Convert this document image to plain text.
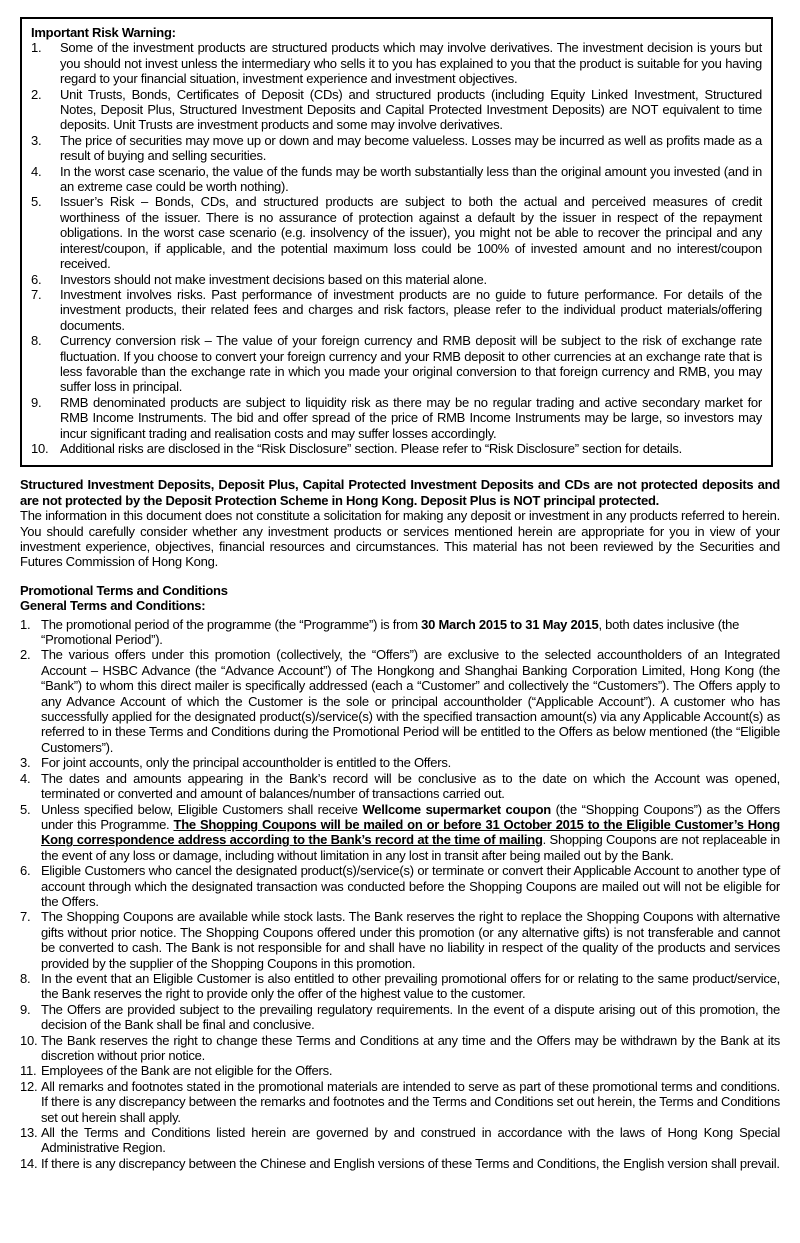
Important Risk Warning:
1.	Some of the investment products are structured products which may involve derivatives. The investment decision is yours but you should not invest unless the intermediary who sells it to you has explained to you that the product is suitable for you having regard to your financial situation, investment experience and investment objectives.
2.	Unit Trusts, Bonds, Certificates of Deposit (CDs) and structured products (including Equity Linked Investment, Structured Notes, Deposit Plus, Structured Investment Deposits and Capital Protected Investment Deposits) are NOT equivalent to time deposits. Unit Trusts are investment products and some may involve derivatives.
3.	The price of securities may move up or down and may become valueless. Losses may be incurred as well as profits made as a result of buying and selling securities.
4.	In the worst case scenario, the value of the funds may be worth substantially less than the original amount you invested (and in an extreme case could be worth nothing).
5.	Issuer’s Risk – Bonds, CDs, and structured products are subject to both the actual and perceived measures of credit worthiness of the issuer. There is no assurance of protection against a default by the issuer in respect of the repayment obligations. In the worst case scenario (e.g. insolvency of the issuer), you might not be able to recover the principal and any interest/coupon, if applicable, and the potential maximum loss could be 100% of invested amount and no interest/coupon received.
6.	Investors should not make investment decisions based on this material alone.
7.	Investment involves risks. Past performance of investment products are no guide to future performance. For details of the investment products, their related fees and charges and risk factors, please refer to the individual product materials/offering documents.
8.	Currency conversion risk – The value of your foreign currency and RMB deposit will be subject to the risk of exchange rate fluctuation. If you choose to convert your foreign currency and your RMB deposit to other currencies at an exchange rate that is less favorable than the exchange rate in which you made your original conversion to that foreign currency and RMB, you may suffer loss in principal.
9.	RMB denominated products are subject to liquidity risk as there may be no regular trading and active secondary market for RMB Income Instruments. The bid and offer spread of the price of RMB Income Instruments may be large, so investors may incur significant trading and realisation costs and may suffer losses accordingly.
10. Additional risks are disclosed in the “Risk Disclosure” section. Please refer to “Risk Disclosure” section for details.

Structured Investment Deposits, Deposit Plus, Capital Protected Investment Deposits and CDs are not protected deposits and are not protected by the Deposit Protection Scheme in Hong Kong. Deposit Plus is NOT principal protected.

The information in this document does not constitute a solicitation for making any deposit or investment in any products referred to herein. You should carefully consider whether any investment products or services mentioned herein are appropriate for you in view of your investment experience, objectives, financial resources and circumstances. This material has not been reviewed by the Securities and Futures Commission of Hong Kong.

Promotional Terms and Conditions
General Terms and Conditions:
1. The promotional period of the programme (the “Programme”) is from 30 March 2015 to 31 May 2015, both dates inclusive (the “Promotional Period”).
2. The various offers under this promotion (collectively, the “Offers”) are exclusive to the selected accountholders of an Integrated Account – HSBC Advance (the “Advance Account”) of The Hongkong and Shanghai Banking Corporation Limited, Hong Kong (the “Bank”) to whom this direct mailer is specifically addressed (each a “Customer” and collectively the “Customers”). The Offers apply to any Advance Account of which the Customer is the sole or principal accountholder (“Applicable Account”). A customer who has successfully applied for the designated product(s)/service(s) with the specified transaction amount(s) via any Applicable Account(s) as referred to in these Terms and Conditions during the Promotional Period will be entitled to the Offers as below mentioned (the “Eligible Customers”).
3. For joint accounts, only the principal accountholder is entitled to the Offers.
4. The dates and amounts appearing in the Bank’s record will be conclusive as to the date on which the Account was opened, terminated or converted and amount of balances/number of transactions carried out.
5. Unless specified below, Eligible Customers shall receive Wellcome supermarket coupon (the “Shopping Coupons”) as the Offers under this Programme. The Shopping Coupons will be mailed on or before 31 October 2015 to the Eligible Customer’s Hong Kong correspondence address according to the Bank’s record at the time of mailing. Shopping Coupons are not replaceable in the event of any loss or damage, including without limitation in any lost in transit after being mailed out by the Bank.
6. Eligible Customers who cancel the designated product(s)/service(s) or terminate or convert their Applicable Account to another type of account through which the designated transaction was conducted before the Shopping Coupons are mailed out will not be eligible for the Offers.
7. The Shopping Coupons are available while stock lasts. The Bank reserves the right to replace the Shopping Coupons with alternative gifts without prior notice. The Shopping Coupons offered under this promotion (or any alternative gifts) is not transferable and cannot be converted to cash. The Bank is not responsible for and shall have no liability in respect of the quality of the products and services provided by the supplier of the Shopping Coupons in this promotion.
8. In the event that an Eligible Customer is also entitled to other prevailing promotional offers for or relating to the same product/service, the Bank reserves the right to provide only the offer of the highest value to the customer.
9. The Offers are provided subject to the prevailing regulatory requirements. In the event of a dispute arising out of this promotion, the decision of the Bank shall be final and conclusive.
10. The Bank reserves the right to change these Terms and Conditions at any time and the Offers may be withdrawn by the Bank at its discretion without prior notice.
11. Employees of the Bank are not eligible for the Offers.
12. All remarks and footnotes stated in the promotional materials are intended to serve as part of these promotional terms and conditions. If there is any discrepancy between the remarks and footnotes and the Terms and Conditions set out herein, the Terms and Conditions set out herein shall apply.
13. All the Terms and Conditions listed herein are governed by and construed in accordance with the laws of Hong Kong Special Administrative Region.
14. If there is any discrepancy between the Chinese and English versions of these Terms and Conditions, the English version shall prevail.
